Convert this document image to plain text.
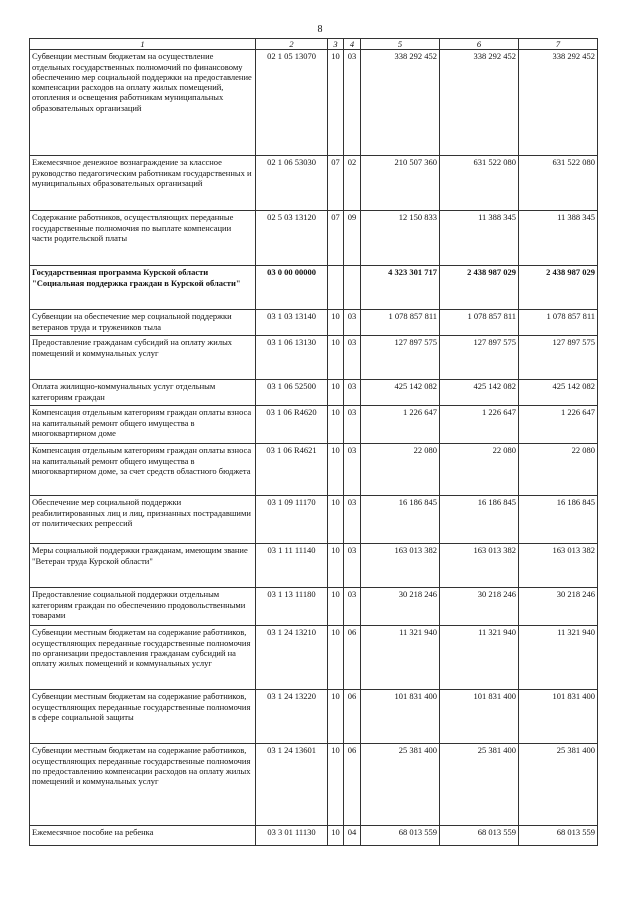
8
1	2	3	4	5	6	7
Субвенции местным бюджетам на осуществление отдельных государственных полномочий по финансовому обеспечению мер социальной поддержки на предоставление компенсации расходов на оплату жилых помещений, отопления и освещения работникам муниципальных образовательных организаций	02 1 05 13070	10	03	338 292 452	338 292 452	338 292 452
Ежемесячное денежное вознаграждение за классное руководство педагогическим работникам государственных и муниципальных образовательных организаций	02 1 06 53030	07	02	210 507 360	631 522 080	631 522 080
Содержание работников, осуществляющих переданные государственные полномочия по выплате компенсации части родительской платы	02 5 03 13120	07	09	12 150 833	11 388 345	11 388 345
Государственная программа Курской области "Социальная поддержка граждан в Курской области"	03 0 00 00000			4 323 301 717	2 438 987 029	2 438 987 029
Субвенции на обеспечение мер социальной поддержки ветеранов труда и тружеников тыла	03 1 03 13140	10	03	1 078 857 811	1 078 857 811	1 078 857 811
Предоставление гражданам субсидий на оплату жилых помещений и коммунальных услуг	03 1 06 13130	10	03	127 897 575	127 897 575	127 897 575
Оплата жилищно-коммунальных услуг отдельным категориям граждан	03 1 06 52500	10	03	425 142 082	425 142 082	425 142 082
Компенсация отдельным категориям граждан оплаты взноса на капитальный ремонт общего имущества в многоквартирном доме	03 1 06 R4620	10	03	1 226 647	1 226 647	1 226 647
Компенсация отдельным категориям граждан оплаты взноса на капитальный ремонт общего имущества в многоквартирном доме, за счет средств областного бюджета	03 1 06 R4621	10	03	22 080	22 080	22 080
Обеспечение мер социальной поддержки реабилитированных лиц и лиц, признанных пострадавшими от политических репрессий	03 1 09 11170	10	03	16 186 845	16 186 845	16 186 845
Меры социальной поддержки гражданам, имеющим звание "Ветеран труда Курской области"	03 1 11 11140	10	03	163 013 382	163 013 382	163 013 382
Предоставление социальной поддержки отдельным категориям граждан по обеспечению продовольственными товарами	03 1 13 11180	10	03	30 218 246	30 218 246	30 218 246
Субвенции местным бюджетам на содержание работников, осуществляющих переданные государственные полномочия по организации предоставления гражданам субсидий на оплату жилых помещений и коммунальных услуг	03 1 24 13210	10	06	11 321 940	11 321 940	11 321 940
Субвенции местным бюджетам на содержание работников, осуществляющих переданные государственные полномочия в сфере социальной защиты	03 1 24 13220	10	06	101 831 400	101 831 400	101 831 400
Субвенции местным бюджетам на содержание работников, осуществляющих переданные государственные полномочия по предоставлению компенсации расходов на оплату жилых помещений и коммунальных услуг	03 1 24 13601	10	06	25 381 400	25 381 400	25 381 400
Ежемесячное пособие на ребенка	03 3 01 11130	10	04	68 013 559	68 013 559	68 013 559
